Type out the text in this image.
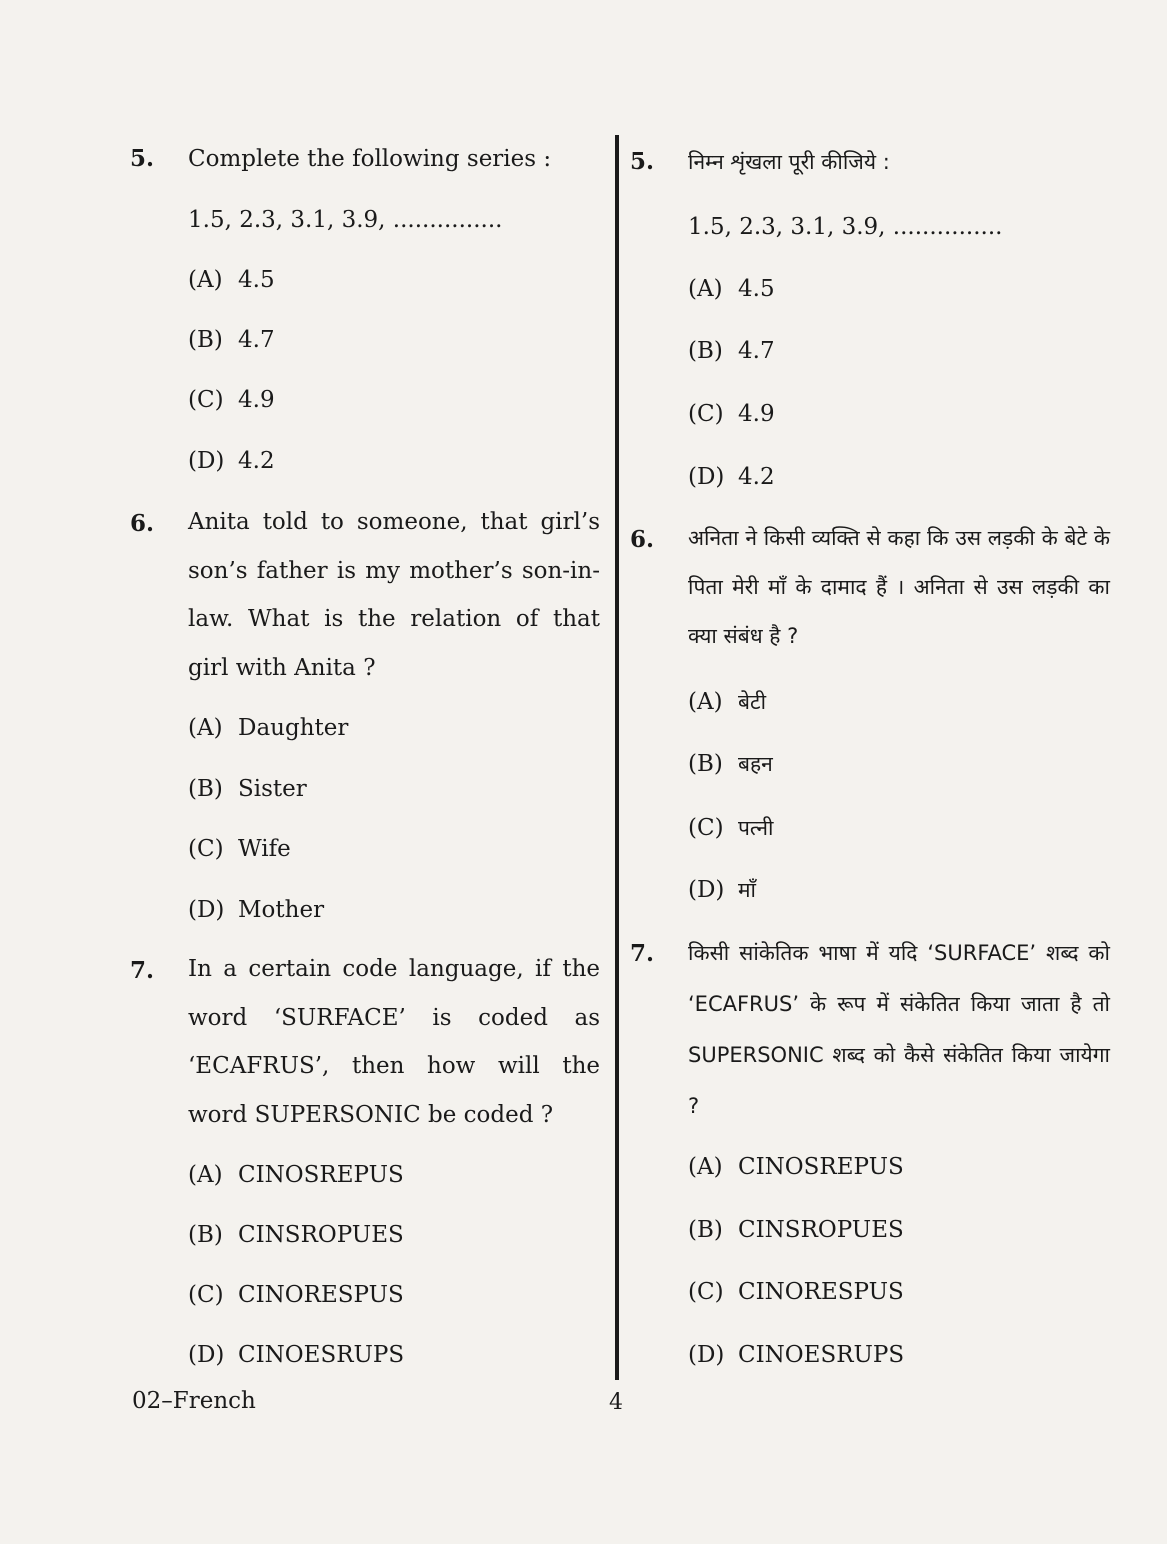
5. Complete the following series :
1.5, 2.3, 3.1, 3.9, ...............
(A) 4.5
(B) 4.7
(C) 4.9
(D) 4.2
6. Anita told to someone, that girl’s son’s father is my mother’s son-in-law. What is the relation of that girl with Anita ?
(A) Daughter
(B) Sister
(C) Wife
(D) Mother
7. In a certain code language, if the word ‘SURFACE’ is coded as ‘ECAFRUS’, then how will the word SUPERSONIC be coded ?
(A) CINOSREPUS
(B) CINSROPUES
(C) CINORESPUS
(D) CINOESRUPS
5. निम्न शृंखला पूरी कीजिये :
1.5, 2.3, 3.1, 3.9, ...............
(A) 4.5
(B) 4.7
(C) 4.9
(D) 4.2
6. अनिता ने किसी व्यक्ति से कहा कि उस लड़की के बेटे के पिता मेरी माँ के दामाद हैं । अनिता से उस लड़की का क्या संबंध है ?
(A) बेटी
(B) बहन
(C) पत्नी
(D) माँ
7. किसी सांकेतिक भाषा में यदि ‘SURFACE’ शब्द को ‘ECAFRUS’ के रूप में संकेतित किया जाता है तो SUPERSONIC शब्द को कैसे संकेतित किया जायेगा ?
(A) CINOSREPUS
(B) CINSROPUES
(C) CINORESPUS
(D) CINOESRUPS
02–French	4
